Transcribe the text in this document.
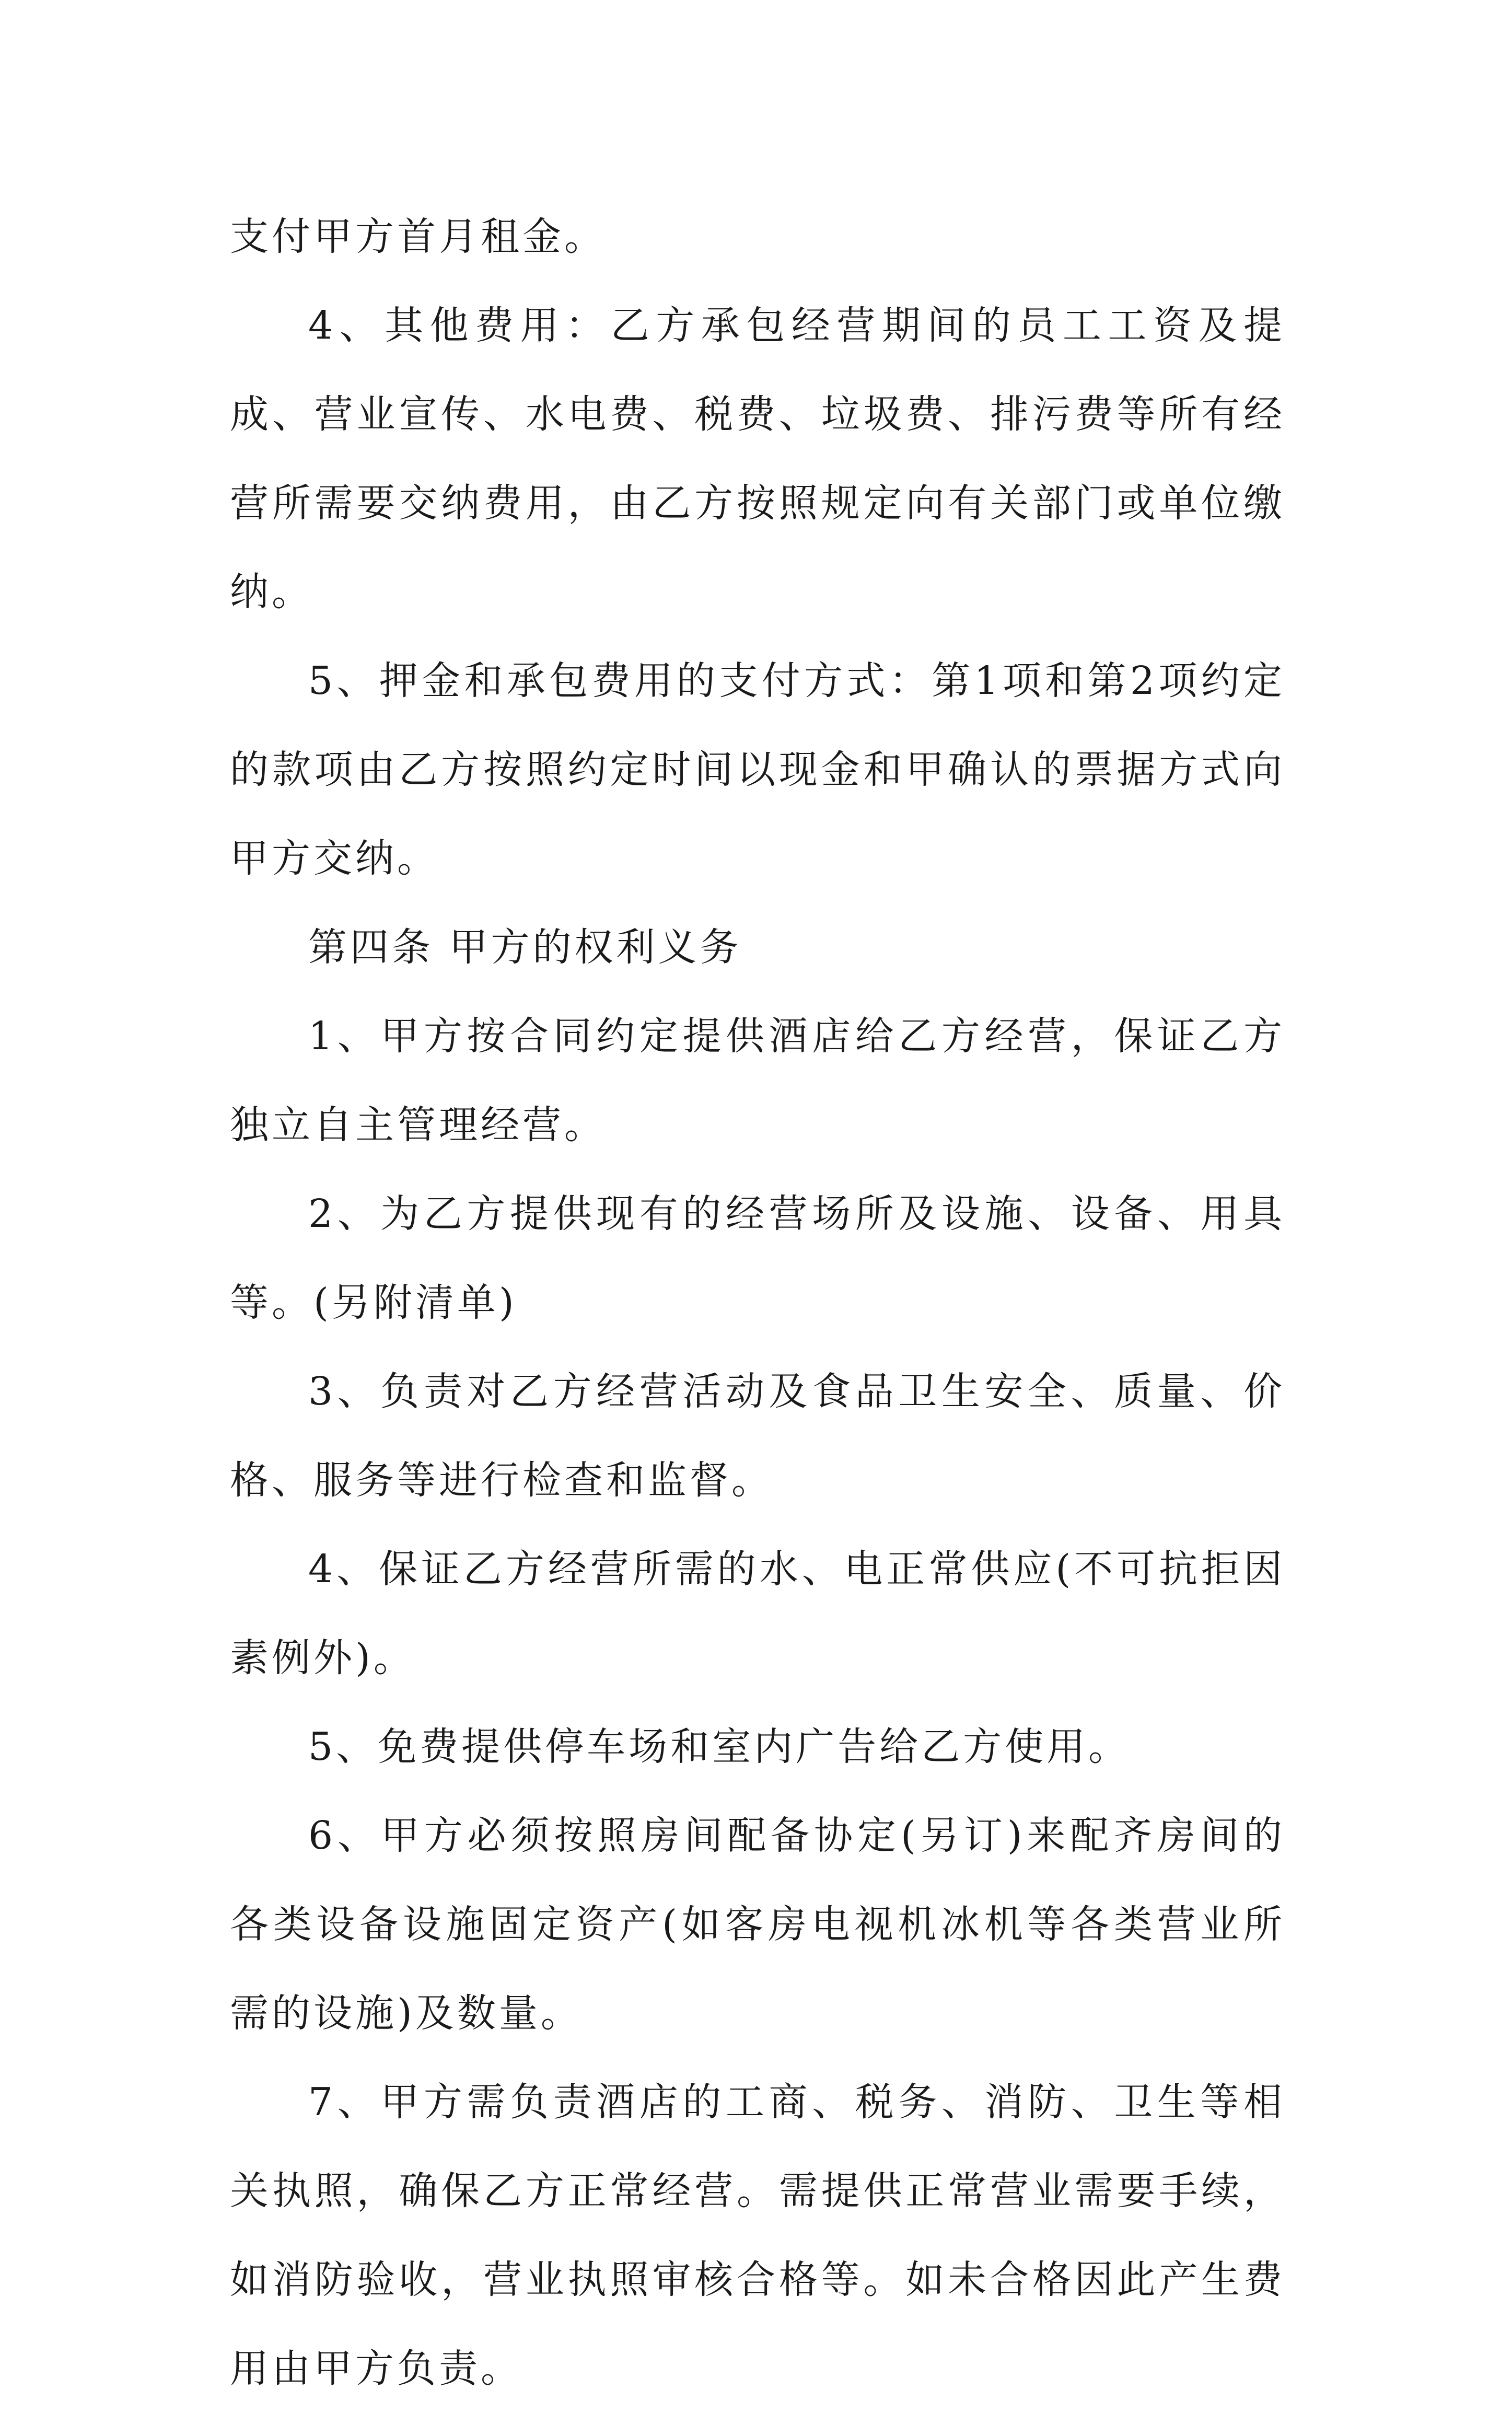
支付甲方首月租金。

4、其他费用：乙方承包经营期间的员工工资及提成、营业宣传、水电费、税费、垃圾费、排污费等所有经营所需要交纳费用，由乙方按照规定向有关部门或单位缴纳。

5、押金和承包费用的支付方式：第1项和第2项约定的款项由乙方按照约定时间以现金和甲确认的票据方式向甲方交纳。

第四条 甲方的权利义务

1、甲方按合同约定提供酒店给乙方经营，保证乙方独立自主管理经营。

2、为乙方提供现有的经营场所及设施、设备、用具等。(另附清单)

3、负责对乙方经营活动及食品卫生安全、质量、价格、服务等进行检查和监督。

4、保证乙方经营所需的水、电正常供应(不可抗拒因素例外)。

5、免费提供停车场和室内广告给乙方使用。

6、甲方必须按照房间配备协定(另订)来配齐房间的各类设备设施固定资产(如客房电视机冰机等各类营业所需的设施)及数量。

7、甲方需负责酒店的工商、税务、消防、卫生等相关执照，确保乙方正常经营。需提供正常营业需要手续，如消防验收，营业执照审核合格等。如未合格因此产生费用由甲方负责。
